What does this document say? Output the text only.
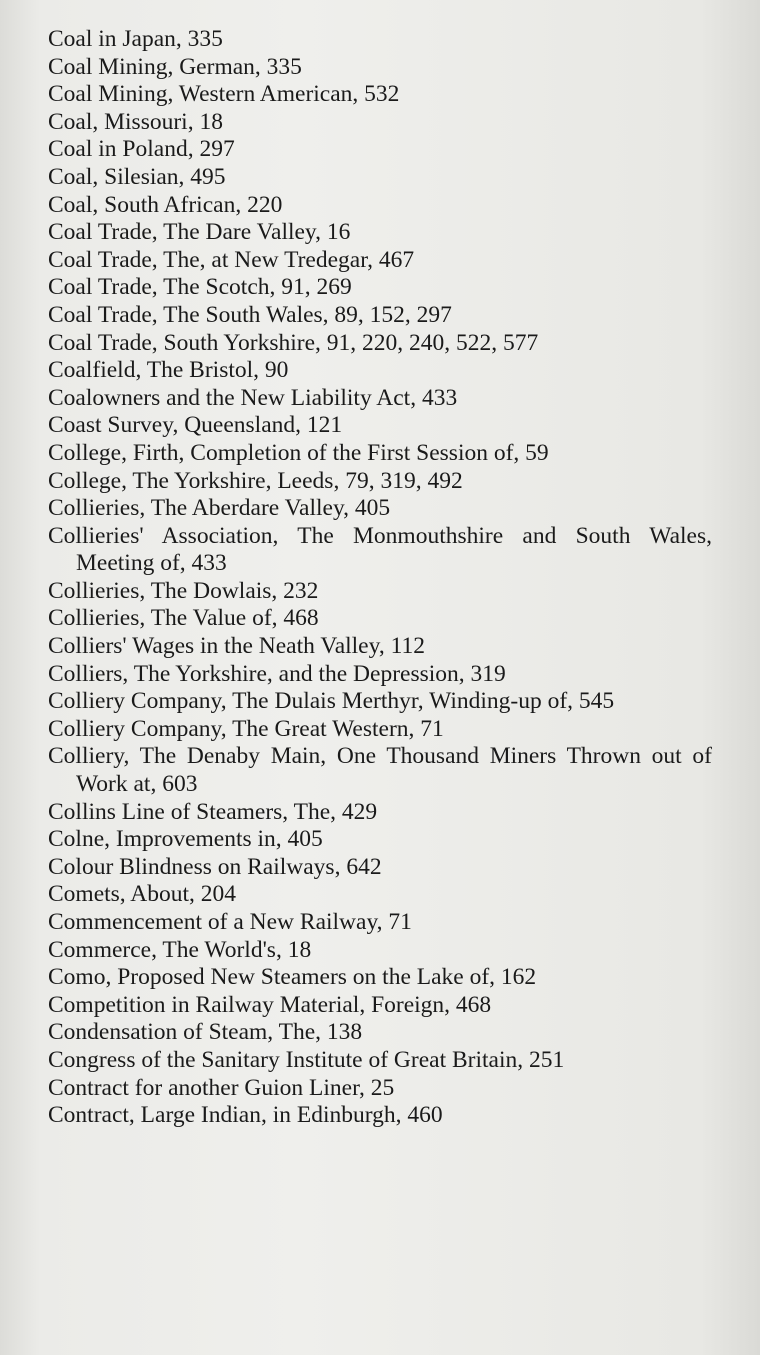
Coal in Japan, 335
Coal Mining, German, 335
Coal Mining, Western American, 532
Coal, Missouri, 18
Coal in Poland, 297
Coal, Silesian, 495
Coal, South African, 220
Coal Trade, The Dare Valley, 16
Coal Trade, The, at New Tredegar, 467
Coal Trade, The Scotch, 91, 269
Coal Trade, The South Wales, 89, 152, 297
Coal Trade, South Yorkshire, 91, 220, 240, 522, 577
Coalfield, The Bristol, 90
Coalowners and the New Liability Act, 433
Coast Survey, Queensland, 121
College, Firth, Completion of the First Session of, 59
College, The Yorkshire, Leeds, 79, 319, 492
Collieries, The Aberdare Valley, 405
Collieries' Association, The Monmouthshire and South Wales, Meeting of, 433
Collieries, The Dowlais, 232
Collieries, The Value of, 468
Colliers' Wages in the Neath Valley, 112
Colliers, The Yorkshire, and the Depression, 319
Colliery Company, The Dulais Merthyr, Winding-up of, 545
Colliery Company, The Great Western, 71
Colliery, The Denaby Main, One Thousand Miners Thrown out of Work at, 603
Collins Line of Steamers, The, 429
Colne, Improvements in, 405
Colour Blindness on Railways, 642
Comets, About, 204
Commencement of a New Railway, 71
Commerce, The World's, 18
Como, Proposed New Steamers on the Lake of, 162
Competition in Railway Material, Foreign, 468
Condensation of Steam, The, 138
Congress of the Sanitary Institute of Great Britain, 251
Contract for another Guion Liner, 25
Contract, Large Indian, in Edinburgh, 460
